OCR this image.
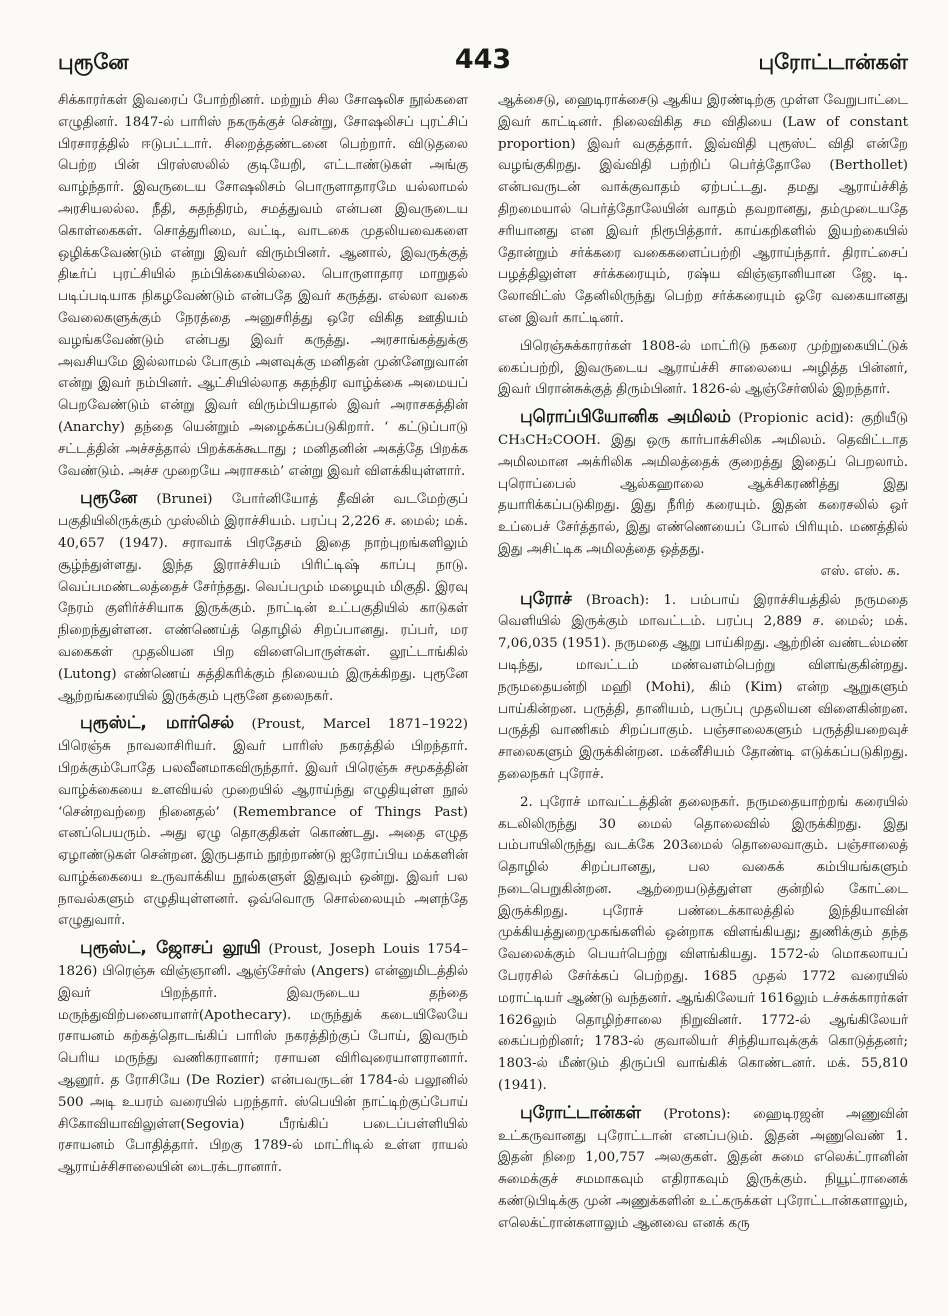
புரூனே	443	புரோட்டான்கள்

சிக்காரர்கள் இவரைப் போற்றினர். மற்றும் சில சோஷலிச நூல்களை எழுதினர். 1847-ல் பாரிஸ் நகருக்குச் சென்று, சோஷலிசப் புரட்சிப் பிரசாரத்தில் ஈடுபட்டார். சிறைத்தண்டனை பெற்றார். விடுதலை பெற்ற பின் பிரஸ்ஸலில் குடியேறி, எட்டாண்டுகள் அங்கு வாழ்ந்தார். இவருடைய சோஷலிசம் பொருளாதாரமே யல்லாமல் அரசியலல்ல. நீதி, சுதந்திரம், சமத்துவம் என்பன இவருடைய கொள்கைகள். சொத்துரிமை, வட்டி, வாடகை முதலியவைகளை ஒழிக்கவேண்டும் என்று இவர் விரும்பினர். ஆனால், இவருக்குத் திடீர்ப் புரட்சியில் நம்பிக்கையில்லை. பொருளாதார மாறுதல் படிப்படியாக நிகழவேண்டும் என்பதே இவர் கருத்து. எல்லா வகை வேலைகளுக்கும் நேரத்தை அனுசரித்து ஒரே விகித ஊதியம் வழங்கவேண்டும் என்பது இவர் கருத்து. அரசாங்கத்துக்கு அவசியமே இல்லாமல் போகும் அளவுக்கு மனிதன் முன்னேறுவான் என்று இவர் நம்பினர். ஆட்சியில்லாத சுதந்திர வாழ்க்கை அமையப் பெறவேண்டும் என்று இவர் விரும்பியதால் இவர் அராசகத்தின் (Anarchy) தந்தை யென்றும் அழைக்கப்படுகிறார். ‘ கட்டுப்பாடு சட்டத்தின் அச்சத்தால் பிறக்கக்கூடாது ; மனிதனின் அகத்தே பிறக்க வேண்டும். அச்ச முறையே அராசகம்’ என்று இவர் விளக்கியுள்ளார்.

புரூனே (Brunei) போர்னியோத் தீவின் வடமேற்குப் பகுதியிலிருக்கும் முஸ்லிம் இராச்சியம். பரப்பு 2,226 ச. மைல்; மக். 40,657 (1947). சராவாக் பிரதேசம் இதை நாற்புறங்களிலும் சூழ்ந்துள்ளது. இந்த இராச்சியம் பிரிட்டிஷ் காப்பு நாடு. வெப்பமண்டலத்தைச் சேர்ந்தது. வெப்பமும் மழையும் மிகுதி. இரவு நேரம் குளிர்ச்சியாக இருக்கும். நாட்டின் உட்பகுதியில் காடுகள் நிறைந்துள்ளன. எண்ணெய்த் தொழில் சிறப்பானது. ரப்பர், மர வகைகள் முதலியன பிற விளைபொருள்கள். லூட்டாங்கில் (Lutong) எண்ணெய் சுத்திகரிக்கும் நிலையம் இருக்கிறது. புரூனே ஆற்றங்கரையில் இருக்கும் புரூனே தலைநகர்.

புரூஸ்ட், மார்செல் (Proust, Marcel 1871–1922) பிரெஞ்சு நாவலாசிரியர். இவர் பாரிஸ் நகரத்தில் பிறந்தார். பிறக்கும்போதே பலவீனமாகவிருந்தார். இவர் பிரெஞ்சு சமூகத்தின் வாழ்க்கையை உளவியல் முறையில் ஆராய்ந்து எழுதியுள்ள நூல் ‘சென்றவற்றை நினைதல்’ (Remembrance of Things Past) எனப்பெயரும். அது ஏழு தொகுதிகள் கொண்டது. அதை எழுத ஏழாண்டுகள் சென்றன. இருபதாம் நூற்றாண்டு ஐரோப்பிய மக்களின் வாழ்க்கையை உருவாக்கிய நூல்களுள் இதுவும் ஒன்று. இவர் பல நாவல்களும் எழுதியுள்ளனர். ஒவ்வொரு சொல்லையும் அளந்தே எழுதுவார்.

புரூஸ்ட், ஜோசப் லூயி (Proust, Joseph Louis 1754–1826) பிரெஞ்சு விஞ்ஞானி. ஆஞ்சேர்ஸ் (Angers) என்னுமிடத்தில் இவர் பிறந்தார். இவருடைய தந்தை மருந்துவிற்பனையாளர்(Apothecary). மருந்துக் கடையிலேயே ரசாயனம் கற்கத்தொடங்கிப் பாரிஸ் நகரத்திற்குப் போய், இவரும் பெரிய மருந்து வணிகரானார்; ரசாயன விரிவுரையாளரானார். ஆனூர். த ரோசியே (De Rozier) என்பவருடன் 1784-ல் பலூனில் 500 அடி உயரம் வரையில் பறந்தார். ஸ்பெயின் நாட்டிற்குப்போய் சிகோவியாவிலுள்ள(Segovia) பீரங்கிப் படைப்பள்ளியில் ரசாயனம் போதித்தார். பிறகு 1789-ல் மாட்ரிடில் உள்ள ராயல் ஆராய்ச்சிசாலையின் டைரக்டரானார்.

ஆக்சைடு, ஹைடிராக்சைடு ஆகிய இரண்டிற்கு முள்ள வேறுபாட்டை இவர் காட்டினர். நிலைவிகித சம விதியை (Law of constant proportion) இவர் வகுத்தார். இவ்விதி புரூஸ்ட் விதி என்றே வழங்குகிறது. இவ்விதி பற்றிப் பெர்த்தோலே (Berthollet) என்பவருடன் வாக்குவாதம் ஏற்பட்டது. தமது ஆராய்ச்சித் திறமையால் பெர்த்தோலேயின் வாதம் தவறானது, தம்முடையதே சரியானது என இவர் நிரூபித்தார். காய்கறிகளில் இயற்கையில் தோன்றும் சர்க்கரை வகைகளைப்பற்றி ஆராய்ந்தார். திராட்சைப் பழத்திலுள்ள சர்க்கரையும், ரஷ்ய விஞ்ஞானியான ஜே. டி. லோவிட்ஸ் தேனிலிருந்து பெற்ற சர்க்கரையும் ஒரே வகையானது என இவர் காட்டினர்.

பிரெஞ்சுக்காரர்கள் 1808-ல் மாட்ரிடு நகரை முற்றுகையிட்டுக் கைப்பற்றி, இவருடைய ஆராய்ச்சி சாலையை அழித்த பின்னர், இவர் பிரான்சுக்குத் திரும்பினர். 1826-ல் ஆஞ்சேர்ஸில் இறந்தார்.

புரொப்பியோனிக அமிலம் (Propionic acid): குறியீடு CH₃CH₂COOH. இது ஒரு கார்பாக்சிலிக அமிலம். தெவிட்டாத அமிலமான அக்ரிலிக அமிலத்தைக் குறைத்து இதைப் பெறலாம். புரொப்பைல் ஆல்கஹாலை ஆக்சிகரணித்து இது தயாரிக்கப்படுகிறது. இது நீரிற் கரையும். இதன் கரைசலில் ஒர் உப்பைச் சேர்த்தால், இது எண்ணெயைப் போல் பிரியும். மணத்தில் இது அசிட்டிக அமிலத்தை ஒத்தது.

எஸ். எஸ். க.

புரோச் (Broach): 1. பம்பாய் இராச்சியத்தில் நருமதை வெளியில் இருக்கும் மாவட்டம். பரப்பு 2,889 ச. மைல்; மக். 7,06,035 (1951). நருமதை ஆறு பாய்கிறது. ஆற்றின் வண்டல்மண் படிந்து, மாவட்டம் மண்வளம்பெற்று விளங்குகின்றது. நருமதையன்றி மஹி (Mohi), கிம் (Kim) என்ற ஆறுகளும் பாய்கின்றன. பருத்தி, தானியம், பருப்பு முதலியன விளைகின்றன. பருத்தி வாணிகம் சிறப்பாகும். பஞ்சாலைகளும் பருத்தியறைவுச் சாலைகளும் இருக்கின்றன. மக்னீசியம் தோண்டி எடுக்கப்படுகிறது. தலைநகர் புரோச்.

2. புரோச் மாவட்டத்தின் தலைநகர். நருமதையாற்றங் கரையில் கடலிலிருந்து 30 மைல் தொலைவில் இருக்கிறது. இது பம்பாயிலிருந்து வடக்கே 203மைல் தொலைவாகும். பஞ்சாலைத் தொழில் சிறப்பானது, பல வகைக் கம்பியங்களும் நடைபெறுகின்றன. ஆற்றையடுத்துள்ள குன்றில் கோட்டை இருக்கிறது. புரோச் பண்டைக்காலத்தில் இந்தியாவின் முக்கியத்துறைமுகங்களில் ஒன்றாக விளங்கியது; துணிக்கும் தந்த வேலைக்கும் பெயர்பெற்று விளங்கியது. 1572-ல் மொகலாயப் பேரரசில் சேர்க்கப் பெற்றது. 1685 முதல் 1772 வரையில் மராட்டியர் ஆண்டு வந்தனர். ஆங்கிலேயர் 1616லும் டச்சுக்காரர்கள் 1626லும் தொழிற்சாலை நிறுவினர். 1772-ல் ஆங்கிலேயர் கைப்பற்றினர்; 1783-ல் குவாலியர் சிந்தியாவுக்குக் கொடுத்தனர்; 1803-ல் மீண்டும் திருப்பி வாங்கிக் கொண்டனர். மக். 55,810 (1941).

புரோட்டான்கள் (Protons): ஹைடிரஜன் அணுவின் உட்கருவானது புரோட்டான் எனப்படும். இதன் அணுவெண் 1. இதன் நிறை 1,00,757 அலகுகள். இதன் சுமை எலெக்ட்ரானின் சுமைக்குச் சமமாகவும் எதிராகவும் இருக்கும். நியூட்ரானைக் கண்டுபிடிக்கு முன் அணுக்களின் உட்கருக்கள் புரோட்டான்களாலும், எலெக்ட்ரான்களாலும் ஆனவை எனக் கரு
